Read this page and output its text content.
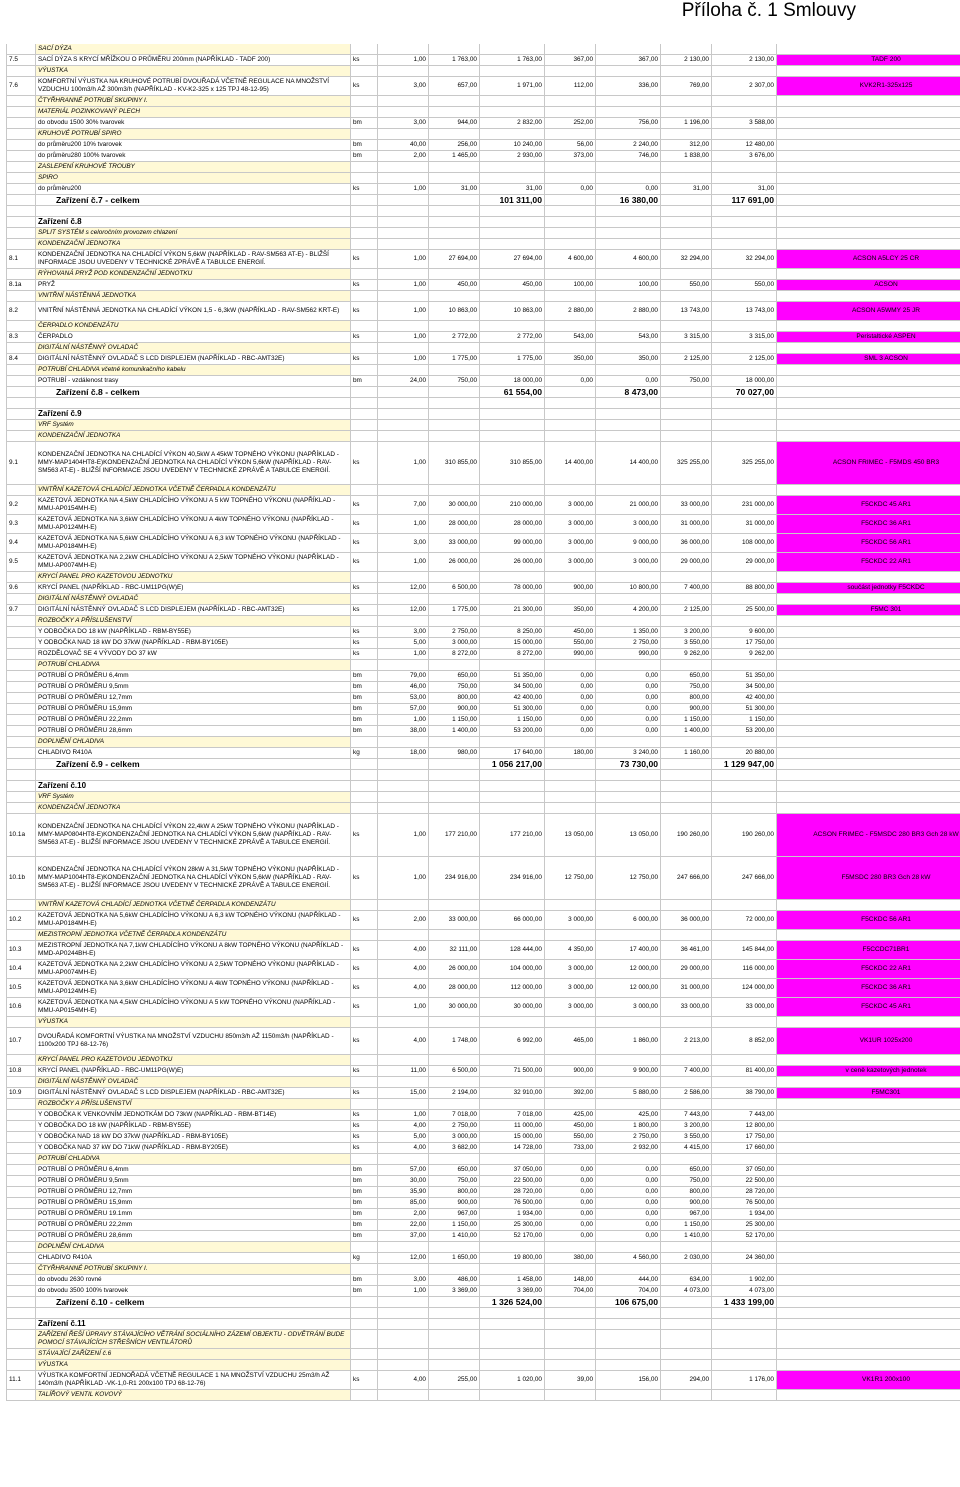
Příloha č. 1 Smlouvy
	SACÍ DÝZA									
7.5	SACÍ DÝZA S KRYCÍ MŘÍŽKOU O PRŮMĚRU 200mm (NAPŘÍKLAD - TADF 200)	ks	1,00	1 763,00	1 763,00	367,00	367,00	2 130,00	2 130,00	TADF 200
	VÝUSTKA									
7.6	KOMFORTNÍ VÝUSTKA NA KRUHOVÉ POTRUBÍ DVOUŘADÁ VČETNĚ REGULACE NA MNOŽSTVÍ VZDUCHU 100m3/h AŽ 300m3/h (NAPŘÍKLAD - KV-K2-325 x 125 TPJ 48-12-95)	ks	3,00	657,00	1 971,00	112,00	336,00	769,00	2 307,00	KVK2R1-325x125
	ČTYŘHRANNÉ POTRUBÍ SKUPINY I.									
	MATERIÁL POZINKOVANÝ PLECH									
	do obvodu 1500 30% tvarovek	bm	3,00	944,00	2 832,00	252,00	756,00	1 196,00	3 588,00	
	KRUHOVÉ POTRUBÍ SPIRO									
	do průměru200 10% tvarovek	bm	40,00	256,00	10 240,00	56,00	2 240,00	312,00	12 480,00	
	do průměru280 100% tvarovek	bm	2,00	1 465,00	2 930,00	373,00	746,00	1 838,00	3 676,00	
	ZASLEPENÍ KRUHOVÉ TROUBY									
	SPIRO									
	do průměru200	ks	1,00	31,00	31,00	0,00	0,00	31,00	31,00	
	Zařízení č.7 - celkem				101 311,00		16 380,00		117 691,00	

	Zařízení č.8									
	SPLIT SYSTÉM s celoročním provozem chlazení									
	KONDENZAČNÍ JEDNOTKA									
8.1	KONDENZAČNÍ JEDNOTKA NA CHLADÍCÍ VÝKON 5,6kW (NAPŘÍKLAD - RAV-SM563 AT-E) - BLIŽŠÍ INFORMACE JSOU UVEDENY V TECHNICKÉ ZPRÁVĚ A TABULCE ENERGIÍ.	ks	1,00	27 694,00	27 694,00	4 600,00	4 600,00	32 294,00	32 294,00	ACSON A5LCY 25 CR
	RÝHOVANÁ PRYŽ POD KONDENZAČNÍ JEDNOTKU									
8.1a	PRYŽ	ks	1,00	450,00	450,00	100,00	100,00	550,00	550,00	ACSON
	VNITŘNÍ NÁSTĚNNÁ JEDNOTKA									
8.2	VNITŘNÍ NÁSTĚNNÁ JEDNOTKA NA CHLADÍCÍ VÝKON 1,5 - 6,3kW (NAPŘÍKLAD - RAV-SM562 KRT-E)	ks	1,00	10 863,00	10 863,00	2 880,00	2 880,00	13 743,00	13 743,00	ACSON A5WMY 25 JR
	ČERPADLO KONDENZÁTU									
8.3	ČERPADLO	ks	1,00	2 772,00	2 772,00	543,00	543,00	3 315,00	3 315,00	Peristaltické ASPEN
	DIGITÁLNÍ NÁSTĚNNÝ OVLADAČ									
8.4	DIGITÁLNÍ NÁSTĚNNÝ OVLADAČ S LCD DISPLEJEM (NAPŘÍKLAD - RBC-AMT32E)	ks	1,00	1 775,00	1 775,00	350,00	350,00	2 125,00	2 125,00	SML 3 ACSON
	POTRUBÍ CHLADIVA včetně komunikačního kabelu									
	POTRUBÍ - vzdálenost trasy	bm	24,00	750,00	18 000,00	0,00	0,00	750,00	18 000,00	
	Zařízení č.8 - celkem				61 554,00		8 473,00		70 027,00	

	Zařízení č.9									
	VRF Systém									
	KONDENZAČNÍ JEDNOTKA									
9.1	KONDENZAČNÍ JEDNOTKA NA CHLADÍCÍ VÝKON 40,5kW A 45kW TOPNÉHO VÝKONU (NAPŘÍKLAD - MMY-MAP1404HT8-E)KONDENZAČNÍ JEDNOTKA NA CHLADÍCÍ VÝKON 5,6kW (NAPŘÍKLAD - RAV-SM563 AT-E) - BLIŽŠÍ INFORMACE JSOU UVEDENY V TECHNICKÉ ZPRÁVĚ A TABULCE ENERGIÍ.	ks	1,00	310 855,00	310 855,00	14 400,00	14 400,00	325 255,00	325 255,00	ACSON FRIMEC - F5MDS 450 BR3
	VNITŘNÍ KAZETOVÁ CHLADÍCÍ JEDNOTKA VČETNĚ ČERPADLA KONDENZÁTU									
9.2	KAZETOVÁ JEDNOTKA NA 4,5kW CHLADÍCÍHO VÝKONU A 5 kW TOPNÉHO VÝKONU (NAPŘÍKLAD - MMU-AP0154MH-E)	ks	7,00	30 000,00	210 000,00	3 000,00	21 000,00	33 000,00	231 000,00	F5CKDC 45 AR1
9.3	KAZETOVÁ JEDNOTKA NA 3,6kW CHLADÍCÍHO VÝKONU A 4kW TOPNÉHO VÝKONU (NAPŘÍKLAD - MMU-AP0124MH-E)	ks	1,00	28 000,00	28 000,00	3 000,00	3 000,00	31 000,00	31 000,00	F5CKDC 36 AR1
9.4	KAZETOVÁ JEDNOTKA NA 5,6kW CHLADÍCÍHO VÝKONU A 6,3 kW TOPNÉHO VÝKONU (NAPŘÍKLAD - MMU-AP0184MH-E)	ks	3,00	33 000,00	99 000,00	3 000,00	9 000,00	36 000,00	108 000,00	F5CKDC 56 AR1
9.5	KAZETOVÁ JEDNOTKA NA 2,2kW CHLADÍCÍHO VÝKONU A 2,5kW TOPNÉHO VÝKONU (NAPŘÍKLAD - MMU-AP0074MH-E)	ks	1,00	26 000,00	26 000,00	3 000,00	3 000,00	29 000,00	29 000,00	F5CKDC 22 AR1
	KRYCÍ PANEL PRO KAZETOVOU JEDNOTKU									
9.6	KRYCÍ PANEL (NAPŘÍKLAD - RBC-UM11PG(W)E)	ks	12,00	6 500,00	78 000,00	900,00	10 800,00	7 400,00	88 800,00	součást jednotky F5CKDC
	DIGITÁLNÍ NÁSTĚNNÝ OVLADAČ									
9.7	DIGITÁLNÍ NÁSTĚNNÝ OVLADAČ S LCD DISPLEJEM (NAPŘÍKLAD - RBC-AMT32E)	ks	12,00	1 775,00	21 300,00	350,00	4 200,00	2 125,00	25 500,00	F5MC 301
	ROZBOČKY A PŘÍSLUŠENSTVÍ									
	Y ODBOČKA DO 18 kW (NAPŘÍKLAD - RBM-BY55E)	ks	3,00	2 750,00	8 250,00	450,00	1 350,00	3 200,00	9 600,00	
	Y ODBOČKA NAD 18 kW DO 37kW (NAPŘÍKLAD - RBM-BY105E)	ks	5,00	3 000,00	15 000,00	550,00	2 750,00	3 550,00	17 750,00	
	ROZDĚLOVAČ SE 4 VÝVODY DO 37 kW	ks	1,00	8 272,00	8 272,00	990,00	990,00	9 262,00	9 262,00	
	POTRUBÍ CHLADIVA									
	POTRUBÍ O PRŮMĚRU 6,4mm	bm	79,00	650,00	51 350,00	0,00	0,00	650,00	51 350,00	
	POTRUBÍ O PRŮMĚRU 9,5mm	bm	46,00	750,00	34 500,00	0,00	0,00	750,00	34 500,00	
	POTRUBÍ O PRŮMĚRU 12,7mm	bm	53,00	800,00	42 400,00	0,00	0,00	800,00	42 400,00	
	POTRUBÍ O PRŮMĚRU 15,9mm	bm	57,00	900,00	51 300,00	0,00	0,00	900,00	51 300,00	
	POTRUBÍ O PRŮMĚRU 22,2mm	bm	1,00	1 150,00	1 150,00	0,00	0,00	1 150,00	1 150,00	
	POTRUBÍ O PRŮMĚRU 28,6mm	bm	38,00	1 400,00	53 200,00	0,00	0,00	1 400,00	53 200,00	
	DOPLNĚNÍ CHLADIVA									
	CHLADIVO R410A	kg	18,00	980,00	17 640,00	180,00	3 240,00	1 160,00	20 880,00	
	Zařízení č.9 - celkem				1 056 217,00		73 730,00		1 129 947,00	

	Zařízení č.10									
	VRF Systém									
	KONDENZAČNÍ JEDNOTKA									
10.1a	KONDENZAČNÍ JEDNOTKA NA CHLADÍCÍ VÝKON 22,4kW A 25kW TOPNÉHO VÝKONU (NAPŘÍKLAD - MMY-MAP0804HT8-E)KONDENZAČNÍ JEDNOTKA NA CHLADÍCÍ VÝKON 5,6kW (NAPŘÍKLAD - RAV-SM563 AT-E) - BLIŽŠÍ INFORMACE JSOU UVEDENY V TECHNICKÉ ZPRÁVĚ A TABULCE ENERGIÍ.	ks	1,00	177 210,00	177 210,00	13 050,00	13 050,00	190 260,00	190 260,00	ACSON FRIMEC - F5MSDC 280 BR3 Gch 28 kW
10.1b	KONDENZAČNÍ JEDNOTKA NA CHLADÍCÍ VÝKON 28kW A 31,5kW TOPNÉHO VÝKONU (NAPŘÍKLAD - MMY-MAP1004HT8-E)KONDENZAČNÍ JEDNOTKA NA CHLADÍCÍ VÝKON 5,6kW (NAPŘÍKLAD - RAV-SM563 AT-E) - BLIŽŠÍ INFORMACE JSOU UVEDENY V TECHNICKÉ ZPRÁVĚ A TABULCE ENERGIÍ.	ks	1,00	234 916,00	234 916,00	12 750,00	12 750,00	247 666,00	247 666,00	F5MSDC 280 BR3 Gch 28 kW
	VNITŘNÍ KAZETOVÁ CHLADÍCÍ JEDNOTKA VČETNĚ ČERPADLA KONDENZÁTU									
10.2	KAZETOVÁ JEDNOTKA NA 5,6kW CHLADÍCÍHO VÝKONU A 6,3 kW TOPNÉHO VÝKONU (NAPŘÍKLAD - MMU-AP0184MH-E)	ks	2,00	33 000,00	66 000,00	3 000,00	6 000,00	36 000,00	72 000,00	F5CKDC 56 AR1
	MEZISTROPNÍ JEDNOTKA VČETNĚ ČERPADLA KONDENZÁTU									
10.3	MEZISTROPNÍ JEDNOTKA NA 7,1kW CHLADÍCÍHO VÝKONU A 8kW TOPNÉHO VÝKONU (NAPŘÍKLAD - MMD-AP0244BH-E)	ks	4,00	32 111,00	128 444,00	4 350,00	17 400,00	36 461,00	145 844,00	F5CCDC71BR1
10.4	KAZETOVÁ JEDNOTKA NA 2,2kW CHLADÍCÍHO VÝKONU A 2,5kW TOPNÉHO VÝKONU (NAPŘÍKLAD - MMU-AP0074MH-E)	ks	4,00	26 000,00	104 000,00	3 000,00	12 000,00	29 000,00	116 000,00	F5CKDC 22 AR1
10.5	KAZETOVÁ JEDNOTKA NA 3,6kW CHLADÍCÍHO VÝKONU A 4kW TOPNÉHO VÝKONU (NAPŘÍKLAD - MMU-AP0124MH-E)	ks	4,00	28 000,00	112 000,00	3 000,00	12 000,00	31 000,00	124 000,00	F5CKDC 36 AR1
10.6	KAZETOVÁ JEDNOTKA NA 4,5kW CHLADÍCÍHO VÝKONU A 5 kW TOPNÉHO VÝKONU (NAPŘÍKLAD - MMU-AP0154MH-E)	ks	1,00	30 000,00	30 000,00	3 000,00	3 000,00	33 000,00	33 000,00	F5CKDC 45 AR1
	VÝUSTKA									
10.7	DVOUŘADÁ KOMFORTNÍ VÝUSTKA NA MNOŽSTVÍ VZDUCHU 850m3/h AŽ 1150m3/h (NAPŘÍKLAD - 1100x200 TPJ 68-12-76)	ks	4,00	1 748,00	6 992,00	465,00	1 860,00	2 213,00	8 852,00	VK1UR 1025x200
	KRYCÍ PANEL PRO KAZETOVOU JEDNOTKU									
10.8	KRYCÍ PANEL (NAPŘÍKLAD - RBC-UM11PG(W)E)	ks	11,00	6 500,00	71 500,00	900,00	9 900,00	7 400,00	81 400,00	v ceně kazetových jednotek
	DIGITÁLNÍ NÁSTĚNNÝ OVLADAČ									
10.9	DIGITÁLNÍ NÁSTĚNNÝ OVLADAČ S LCD DISPLEJEM (NAPŘÍKLAD - RBC-AMT32E)	ks	15,00	2 194,00	32 910,00	392,00	5 880,00	2 586,00	38 790,00	F5MC301
	ROZBOČKY A PŘÍSLUŠENSTVÍ									
	Y ODBOČKA K VENKOVNÍM JEDNOTKÁM DO 73kW (NAPŘÍKLAD - RBM-BT14E)	ks	1,00	7 018,00	7 018,00	425,00	425,00	7 443,00	7 443,00	
	Y ODBOČKA DO 18 kW (NAPŘÍKLAD - RBM-BY55E)	ks	4,00	2 750,00	11 000,00	450,00	1 800,00	3 200,00	12 800,00	
	Y ODBOČKA NAD 18 kW DO 37kW (NAPŘÍKLAD - RBM-BY105E)	ks	5,00	3 000,00	15 000,00	550,00	2 750,00	3 550,00	17 750,00	
	Y ODBOČKA NAD 37 kW DO 71kW (NAPŘÍKLAD - RBM-BY205E)	ks	4,00	3 682,00	14 728,00	733,00	2 932,00	4 415,00	17 660,00	
	POTRUBÍ CHLADIVA									
	POTRUBÍ O PRŮMĚRU 6,4mm	bm	57,00	650,00	37 050,00	0,00	0,00	650,00	37 050,00	
	POTRUBÍ O PRŮMĚRU 9,5mm	bm	30,00	750,00	22 500,00	0,00	0,00	750,00	22 500,00	
	POTRUBÍ O PRŮMĚRU 12,7mm	bm	35,90	800,00	28 720,00	0,00	0,00	800,00	28 720,00	
	POTRUBÍ O PRŮMĚRU 15,9mm	bm	85,00	900,00	76 500,00	0,00	0,00	900,00	76 500,00	
	POTRUBÍ O PRŮMĚRU 19.1mm	bm	2,00	967,00	1 934,00	0,00	0,00	967,00	1 934,00	
	POTRUBÍ O PRŮMĚRU 22,2mm	bm	22,00	1 150,00	25 300,00	0,00	0,00	1 150,00	25 300,00	
	POTRUBÍ O PRŮMĚRU 28,6mm	bm	37,00	1 410,00	52 170,00	0,00	0,00	1 410,00	52 170,00	
	DOPLNĚNÍ CHLADIVA									
	CHLADIVO R410A	kg	12,00	1 650,00	19 800,00	380,00	4 560,00	2 030,00	24 360,00	
	ČTYŘHRANNÉ POTRUBÍ SKUPINY I.									
	do obvodu 2630 rovné	bm	3,00	486,00	1 458,00	148,00	444,00	634,00	1 902,00	
	do obvodu 3500 100% tvarovek	bm	1,00	3 369,00	3 369,00	704,00	704,00	4 073,00	4 073,00	
	Zařízení č.10 - celkem				1 326 524,00		106 675,00		1 433 199,00	

	Zařízení č.11									
	ZAŘÍZENÍ ŘEŠÍ ÚPRAVY STÁVAJÍCÍHO VĚTRÁNÍ SOCIÁLNÍHO ZÁZEMÍ OBJEKTU - ODVĚTRÁNÍ BUDE POMOCÍ STÁVAJÍCÍCH STŘEŠNÍCH VENTILÁTORŮ									
	STÁVAJÍCÍ ZAŘÍZENÍ č.6									
	VÝUSTKA									
11.1	VÝUSTKA KOMFORTNÍ JEDNOŘADÁ VČETNĚ REGULACE 1 NA MNOŽSTVÍ VZDUCHU 25m3/h AŽ 140m3/h (NAPŘÍKLAD -VK-1,0-R1 200x100 TPJ 68-12-76)	ks	4,00	255,00	1 020,00	39,00	156,00	294,00	1 176,00	VK1R1 200x100
	TALÍŘOVÝ VENTIL KOVOVÝ									
